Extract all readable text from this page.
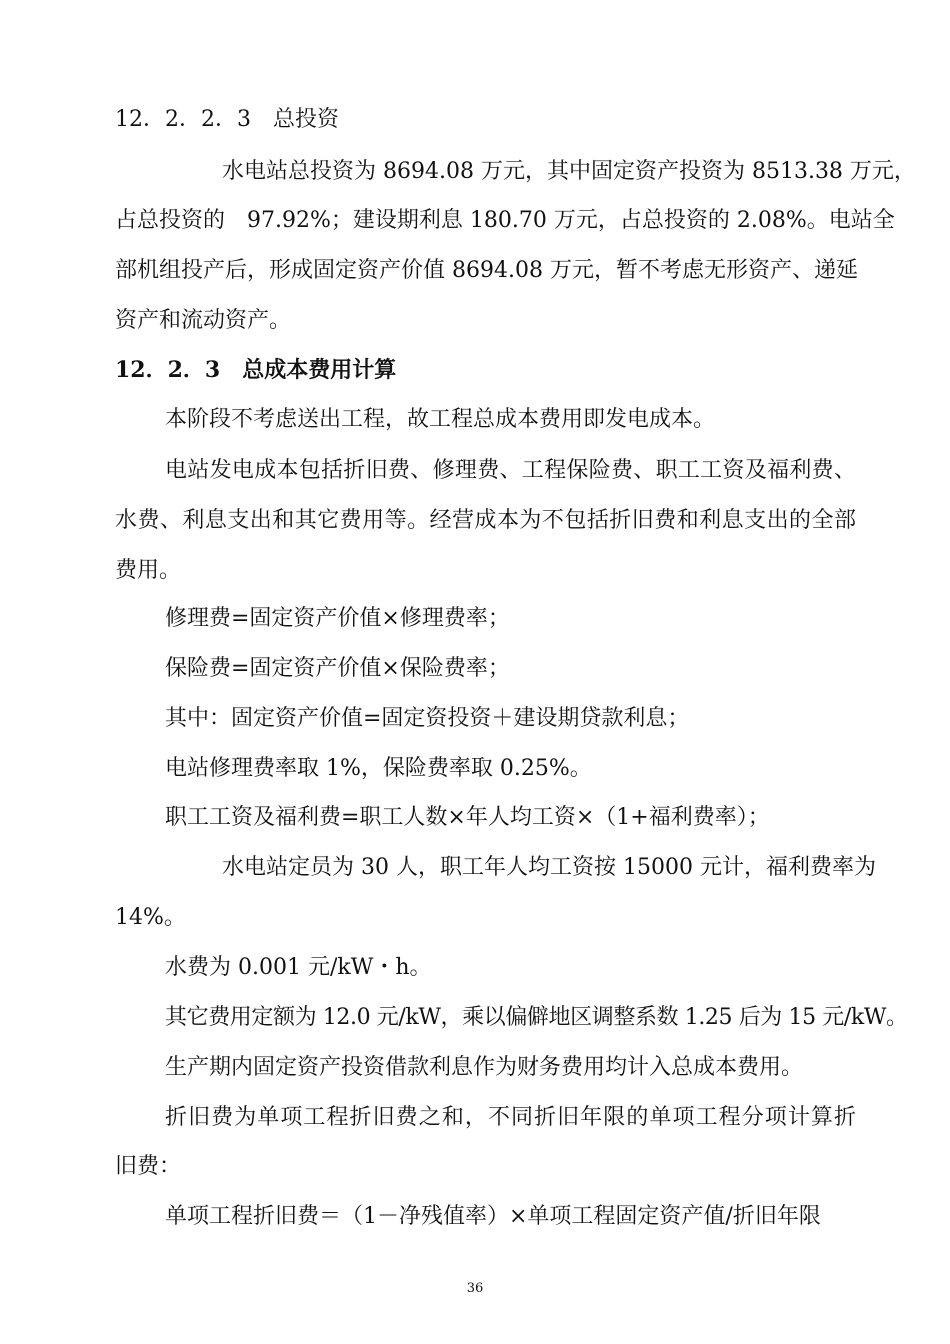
12．2．2．3　总投资
水电站总投资为 8694.08 万元，其中固定资产投资为 8513.38 万元，
占总投资的　97.92%；建设期利息 180.70 万元，占总投资的 2.08%。电站全
部机组投产后，形成固定资产价值 8694.08 万元，暂不考虑无形资产、递延
资产和流动资产。
12．2．3　总成本费用计算
本阶段不考虑送出工程，故工程总成本费用即发电成本。
电站发电成本包括折旧费、修理费、工程保险费、职工工资及福利费、
水费、利息支出和其它费用等。经营成本为不包括折旧费和利息支出的全部
费用。
修理费=固定资产价值×修理费率；
保险费=固定资产价值×保险费率；
其中：固定资产价值=固定资投资＋建设期贷款利息；
电站修理费率取 1%，保险费率取 0.25%。
职工工资及福利费=职工人数×年人均工资×（1+福利费率）；
水电站定员为 30 人，职工年人均工资按 15000 元计，福利费率为
14%。
水费为 0.001 元/kW・h。
其它费用定额为 12.0 元/kW，乘以偏僻地区调整系数 1.25 后为 15 元/kW。
生产期内固定资产投资借款利息作为财务费用均计入总成本费用。
折旧费为单项工程折旧费之和，不同折旧年限的单项工程分项计算折
旧费：
单项工程折旧费＝（1－净残值率）×单项工程固定资产值/折旧年限
36
